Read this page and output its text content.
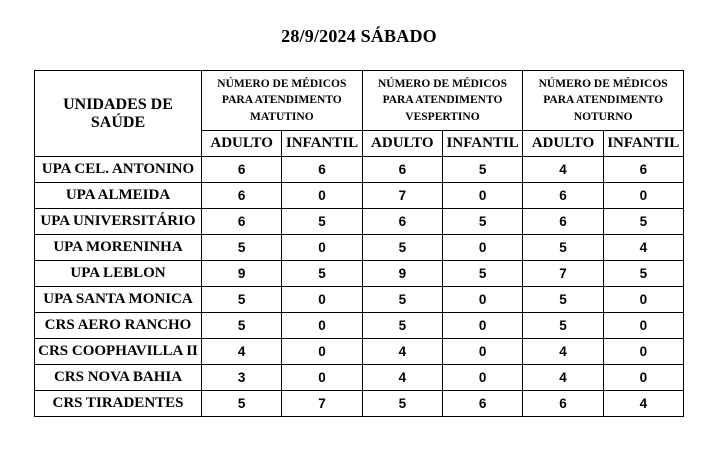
28/9/2024 SÁBADO
UNIDADES DE SAÚDE	NÚMERO DE MÉDICOS PARA ATENDIMENTO MATUTINO		NÚMERO DE MÉDICOS PARA ATENDIMENTO VESPERTINO		NÚMERO DE MÉDICOS PARA ATENDIMENTO NOTURNO	
	ADULTO	INFANTIL	ADULTO	INFANTIL	ADULTO	INFANTIL
UPA CEL. ANTONINO	6	6	6	5	4	6
UPA ALMEIDA	6	0	7	0	6	0
UPA UNIVERSITÁRIO	6	5	6	5	6	5
UPA MORENINHA	5	0	5	0	5	4
UPA LEBLON	9	5	9	5	7	5
UPA SANTA MONICA	5	0	5	0	5	0
CRS AERO RANCHO	5	0	5	0	5	0
CRS COOPHAVILLA II	4	0	4	0	4	0
CRS NOVA BAHIA	3	0	4	0	4	0
CRS TIRADENTES	5	7	5	6	6	4
